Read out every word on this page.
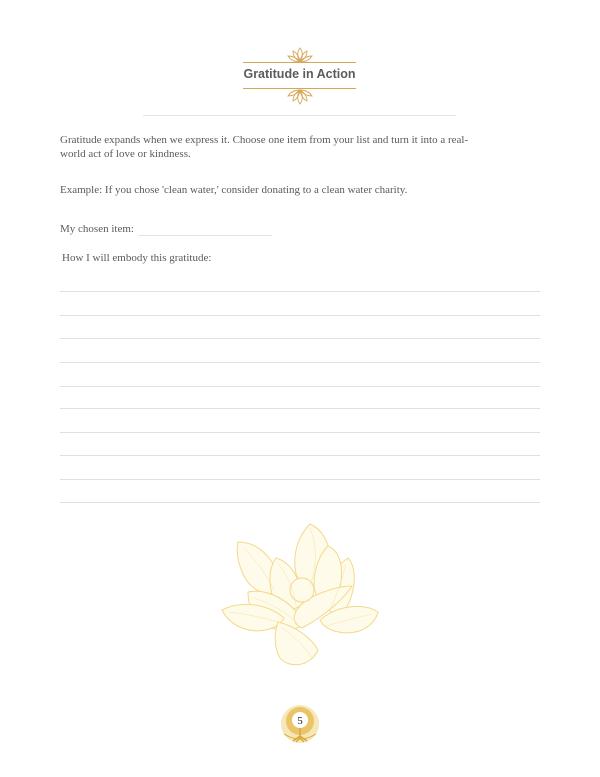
Gratitude in Action
Gratitude expands when we express it. Choose one item from your list and turn it into a real-world act of love or kindness.
Example: If you chose 'clean water,' consider donating to a clean water charity.
My chosen item:
How I will embody this gratitude:
5
